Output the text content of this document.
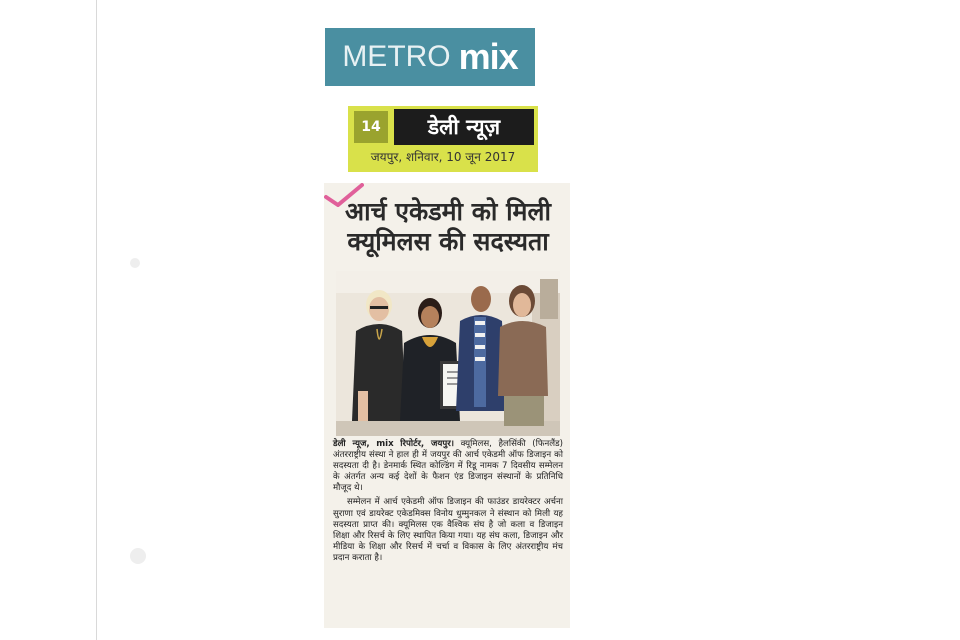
METRO mix
14	डेली न्यूज़
जयपुर, शनिवार, 10 जून 2017
आर्च एकेडमी को मिली
क्यूमिलस की सदस्यता

डेली न्यूज, mix रिपोर्टर, जयपुर। क्यूमिलस, हैलसिंकी (फिनलैंड) अंतरराष्ट्रीय संस्था ने हाल ही में जयपुर की आर्च एकेडमी ऑफ डिजाइन को सदस्यता दी है। डेनमार्क स्थित कोल्डिंग में रिडू नामक 7 दिवसीय सम्मेलन के अंतर्गत अन्य कई देशों के फैशन एंड डिजाइन संस्थानों के प्रतिनिधि मौजूद थे।

सम्मेलन में आर्च एकेडमी ऑफ डिजाइन की फाउंडर डायरेक्टर अर्चना सुराणा एवं डायरेक्ट एकेडमिक्स विनोय धुम्मुनकल ने संस्थान को मिली यह सदस्यता प्राप्त की। क्यूमिलस एक वैश्विक संघ है जो कला व डिजाइन शिक्षा और रिसर्च के लिए स्थापित किया गया। यह संघ कला, डिजाइन और मीडिया के शिक्षा और रिसर्च में चर्चा व विकास के लिए अंतरराष्ट्रीय मंच प्रदान कराता है।
